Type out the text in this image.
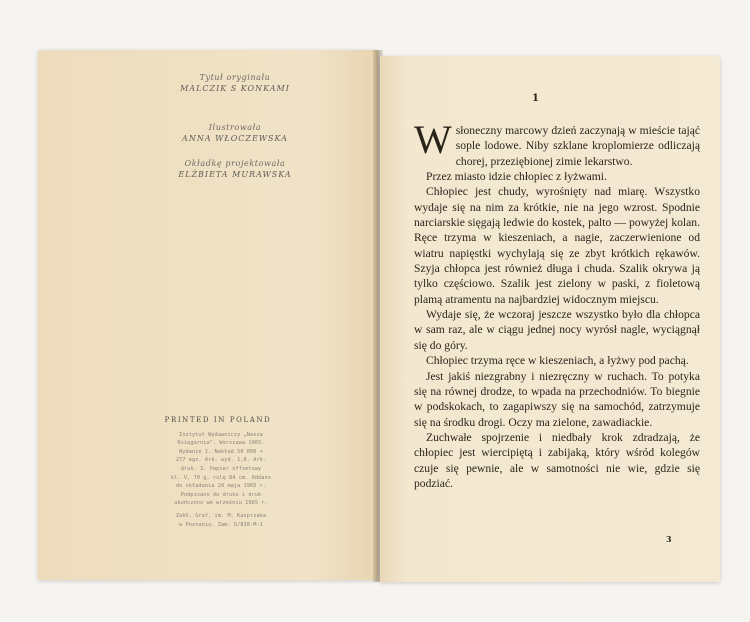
Tytuł oryginału
MALCZIK S KONKAMI
Ilustrowała
ANNA WŁOCZEWSKA
Okładkę projektowała
ELŻBIETA MURAWSKA
PRINTED IN POLAND
Instytut Wydawniczy „Nasza
Księgarnia". Warszawa 1965.
Wydanie I. Nakład 50 000 +
277 egz. Ark. wyd. 1,8. Ark.
druk. 3. Papier offsetowy
kl. V, 70 g, rolę 84 cm. Oddano
do składania 20 maja 1965 r.
Podpisano do druku i druk
ukończono we wrześniu 1965 r.
Zakł. Graf. im. M. Kasprzaka
w Poznaniu. Zam. D/838-M-1
1

Wsłoneczny marcowy dzień zaczynają w mieście tająć sople lodowe. Niby szklane kroplomierze odliczają chorej, przeziębionej zimie lekarstwo.

Przez miasto idzie chłopiec z łyżwami.

Chłopiec jest chudy, wyrośnięty nad miarę. Wszystko wydaje się na nim za krótkie, nie na jego wzrost. Spodnie narciarskie sięgają ledwie do kostek, palto — powyżej kolan. Ręce trzyma w kieszeniach, a nagie, zaczerwienione od wiatru napięstki wychylają się ze zbyt krótkich rękawów. Szyja chłopca jest również długa i chuda. Szalik okrywa ją tylko częściowo. Szalik jest zielony w paski, z fioletową plamą atramentu na najbardziej widocznym miejscu.

Wydaje się, że wczoraj jeszcze wszystko było dla chłopca w sam raz, ale w ciągu jednej nocy wyrósł nagle, wyciągnął się do góry.

Chłopiec trzyma ręce w kieszeniach, a łyżwy pod pachą.

Jest jakiś niezgrabny i niezręczny w ruchach. To potyka się na równej drodze, to wpada na przechodniów. To biegnie w podskokach, to zagapiwszy się na samochód, zatrzymuje się na środku drogi. Oczy ma zielone, zawadiackie.

Zuchwałe spojrzenie i niedbały krok zdradzają, że chłopiec jest wiercipiętą i zabijaką, który wśród kolegów czuje się pewnie, ale w samotności nie wie, gdzie się podziać.

3
